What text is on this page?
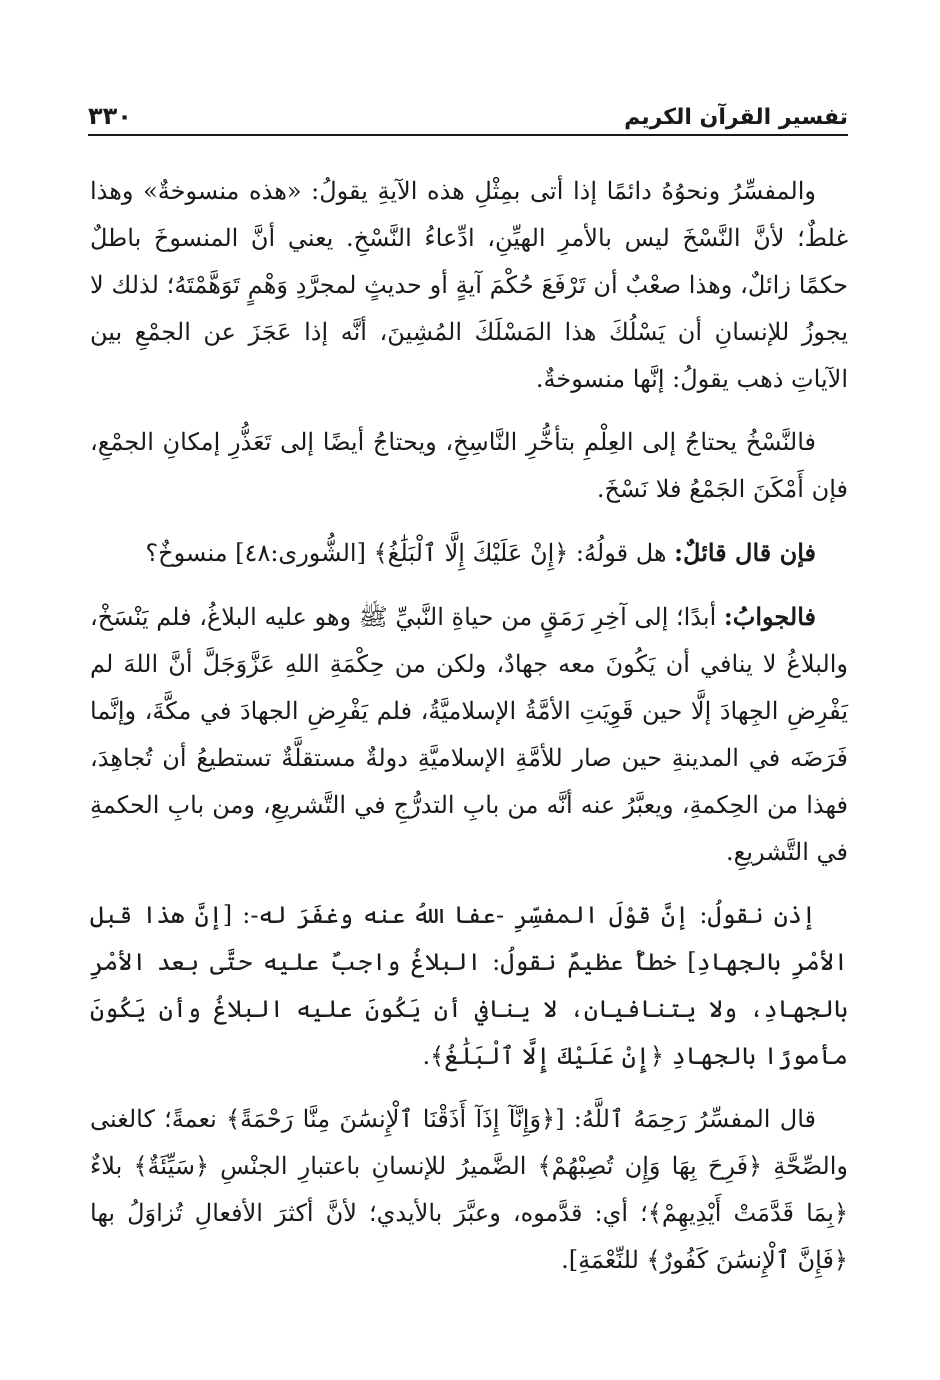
٣٣٠	تفسير القرآن الكريم

والمفسِّرُ ونحوُهُ دائمًا إذا أتى بمِثْلِ هذه الآيةِ يقولُ: «هذه منسوخةٌ» وهذا غلطٌ؛ لأنَّ النَّسْخَ ليس بالأمرِ الهيِّنِ، ادِّعاءُ النَّسْخِ. يعني أنَّ المنسوخَ باطلٌ حكمًا زائلٌ، وهذا صعْبٌ أن تَرْفَعَ حُكْمَ آيةٍ أو حديثٍ لمجرَّدِ وَهْمٍ تَوَهَّمْتَهُ؛ لذلك لا يجوزُ للإنسانِ أن يَسْلُكَ هذا المَسْلَكَ المُشِينَ، أنَّه إذا عَجَزَ عن الجمْعِ بين الآياتِ ذهب يقولُ: إنَّها منسوخةٌ.

فالنَّسْخُ يحتاجُ إلى العِلْمِ بتأخُّرِ النَّاسِخِ، ويحتاجُ أيضًا إلى تَعَذُّرِ إمكانِ الجمْعِ، فإن أَمْكَنَ الجَمْعُ فلا نَسْخَ.

فإن قال قائلٌ: هل قولُهُ: ﴿إِنْ عَلَيْكَ إِلَّا ٱلْبَلَٰغُ﴾ [الشُّورى:٤٨] منسوخٌ؟

فالجوابُ: أبدًا؛ إلى آخِرِ رَمَقٍ من حياةِ النَّبيِّ ﷺ وهو عليه البلاغُ، فلم يَنْسَخْ، والبلاغُ لا ينافي أن يَكُونَ معه جهادٌ، ولكن من حِكْمَةِ اللهِ عَزَّوَجَلَّ أنَّ اللهَ لم يَفْرِضِ الجِهادَ إلَّا حين قَوِيَتِ الأمَّةُ الإسلاميَّةُ، فلم يَفْرِضِ الجهادَ في مكَّةَ، وإنَّما فَرَضَه في المدينةِ حين صار للأمَّةِ الإسلاميَّةِ دولةٌ مستقلَّةٌ تستطيعُ أن تُجاهِدَ، فهذا من الحِكمةِ، ويعبَّرُ عنه أنَّه من بابِ التدرُّجِ في التَّشريعِ، ومن بابِ الحكمةِ في التَّشريعِ.

إذن نقولُ: إنَّ قوْلَ المفسِّرِ -عفا اللهُ عنه وغفَرَ له-: [إنَّ هذا قبل الأمْرِ بالجهادِ] خطأٌ عظيمٌ نقولُ: البلاغُ واجبٌ عليه حتَّى بعد الأمْرِ بالجهادِ، ولا يتنافيان، لا ينافي أن يَكُونَ عليه البلاغُ وأن يَكُونَ مأمورًا بالجهادِ ﴿إِنْ عَلَيْكَ إِلَّا ٱلْبَلَٰغُ﴾.

قال المفسِّرُ رَحِمَهُ ٱللَّهُ: [﴿وَإِنَّآ إِذَآ أَذَقْنَا ٱلْإِنسَٰنَ مِنَّا رَحْمَةً﴾ نعمةً؛ كالغنى والصِّحَّةِ ﴿فَرِحَ بِهَا وَإِن تُصِبْهُمْ﴾ الضَّميرُ للإنسانِ باعتبارِ الجنْسِ ﴿سَيِّئَةٌ﴾ بلاءٌ ﴿بِمَا قَدَّمَتْ أَيْدِيهِمْ﴾؛ أي: قدَّموه، وعبَّرَ بالأيدي؛ لأنَّ أكثرَ الأفعالِ تُزاوَلُ بها ﴿فَإِنَّ ٱلْإِنسَٰنَ كَفُورٌ﴾ للنِّعْمَةِ].
